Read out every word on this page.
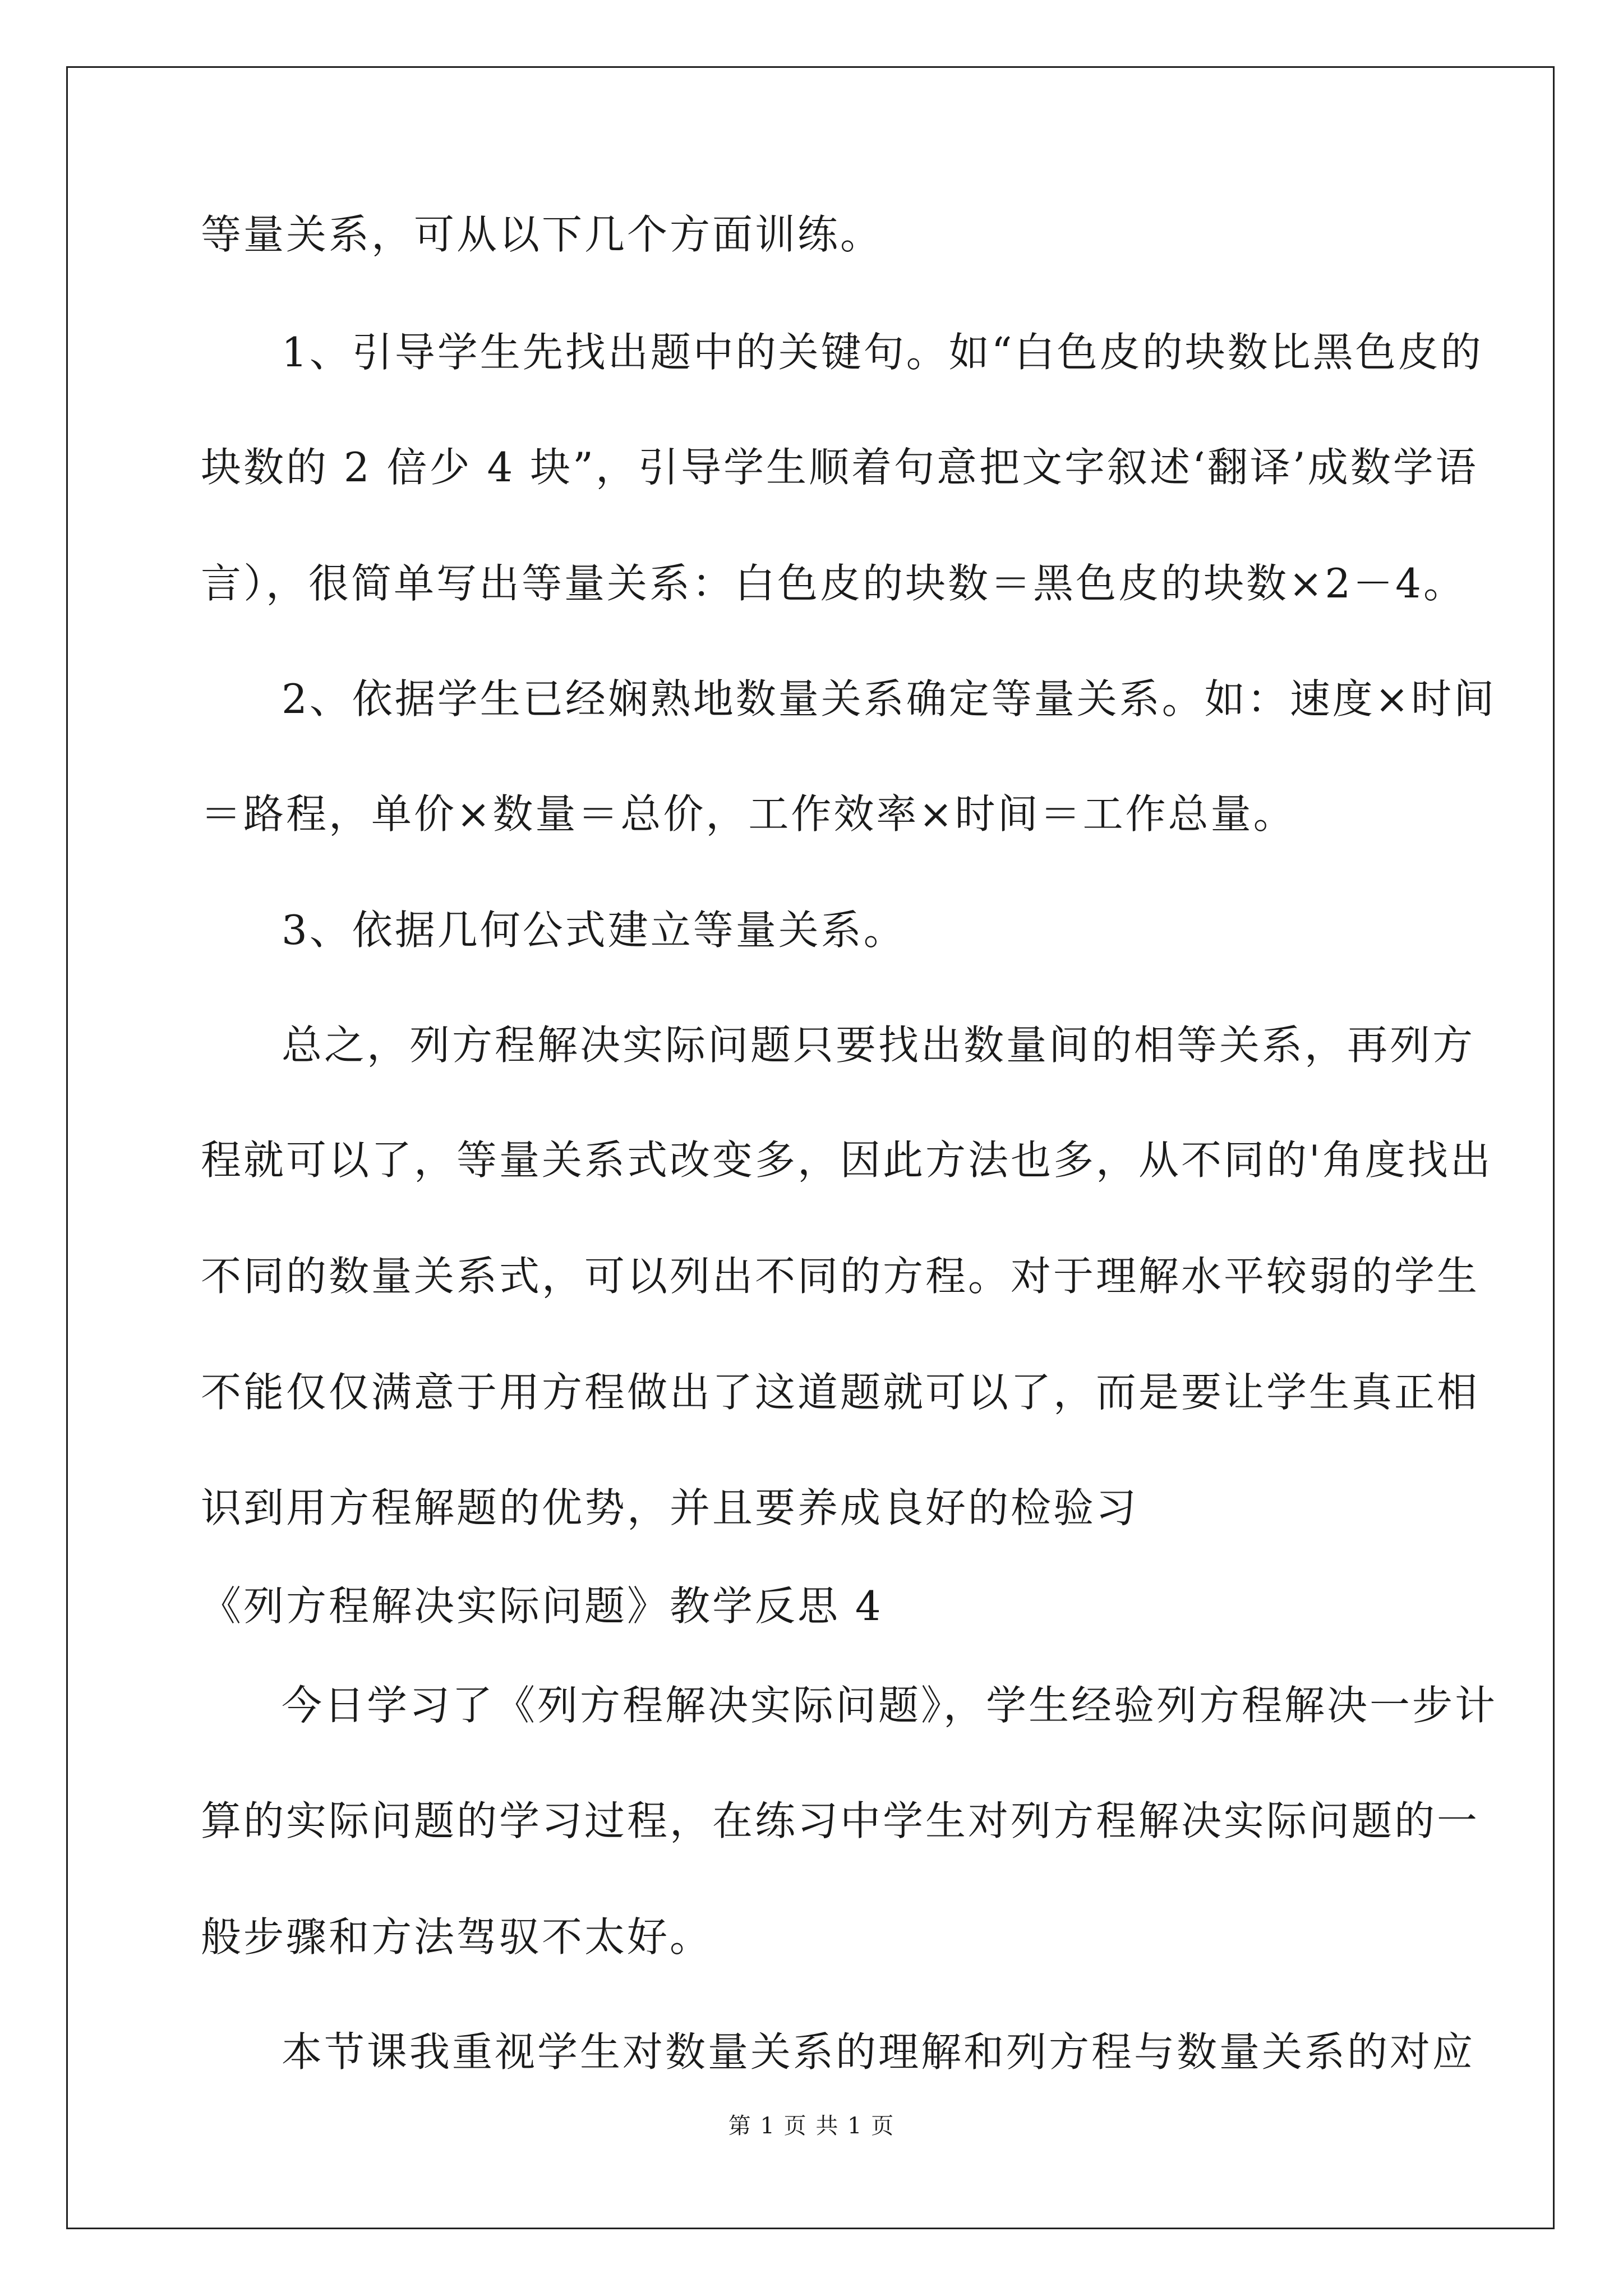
等量关系，可从以下几个方面训练。
1、引导学生先找出题中的关键句。如“白色皮的块数比黑色皮的
块数的 2 倍少 4 块”，引导学生顺着句意把文字叙述‘翻译’成数学语
言），很简单写出等量关系：白色皮的块数＝黑色皮的块数×2－4。
2、依据学生已经娴熟地数量关系确定等量关系。如：速度×时间
＝路程，单价×数量＝总价，工作效率×时间＝工作总量。
3、依据几何公式建立等量关系。
总之，列方程解决实际问题只要找出数量间的相等关系，再列方
程就可以了，等量关系式改变多，因此方法也多，从不同的'角度找出
不同的数量关系式，可以列出不同的方程。对于理解水平较弱的学生
不能仅仅满意于用方程做出了这道题就可以了，而是要让学生真正相
识到用方程解题的优势，并且要养成良好的检验习
《列方程解决实际问题》教学反思 4
今日学习了《列方程解决实际问题》，学生经验列方程解决一步计
算的实际问题的学习过程，在练习中学生对列方程解决实际问题的一
般步骤和方法驾驭不太好。
本节课我重视学生对数量关系的理解和列方程与数量关系的对应
第 1 页 共 1 页
